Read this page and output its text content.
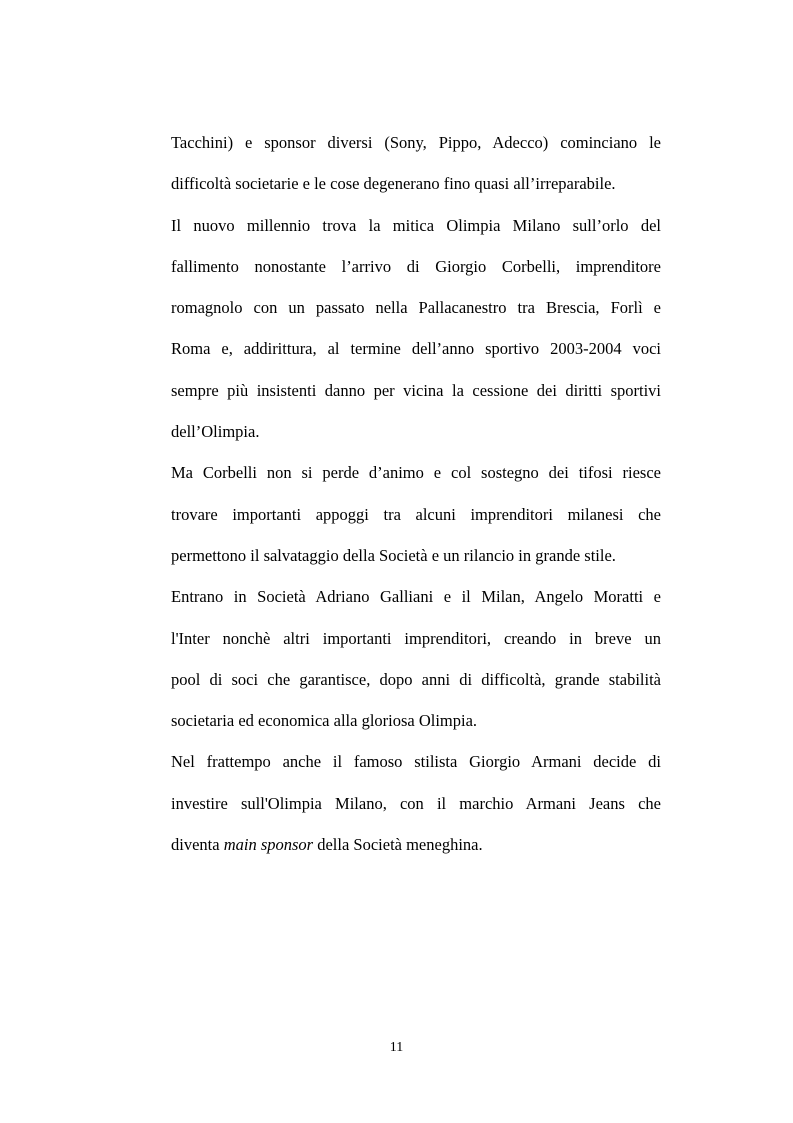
Tacchini) e sponsor diversi (Sony, Pippo, Adecco) cominciano le
difficoltà societarie e le cose degenerano fino quasi all’irreparabile.
Il nuovo millennio trova la mitica Olimpia Milano sull’orlo del
fallimento nonostante l’arrivo di Giorgio Corbelli, imprenditore
romagnolo con un passato nella Pallacanestro tra Brescia, Forlì e
Roma e, addirittura, al termine dell’anno sportivo 2003-2004 voci
sempre più insistenti danno per vicina la cessione dei diritti sportivi
dell’Olimpia.
Ma Corbelli non si perde d’animo e col sostegno dei tifosi riesce
trovare importanti appoggi tra alcuni imprenditori milanesi che
permettono il salvataggio della Società e un rilancio in grande stile.
Entrano in Società Adriano Galliani e il Milan, Angelo Moratti e
l'Inter nonchè altri importanti imprenditori, creando in breve un
pool di soci che garantisce, dopo anni di difficoltà, grande stabilità
societaria ed economica alla gloriosa Olimpia.
Nel frattempo anche il famoso stilista Giorgio Armani decide di
investire sull'Olimpia Milano, con il marchio Armani Jeans che
diventa main sponsor della Società meneghina.
11
